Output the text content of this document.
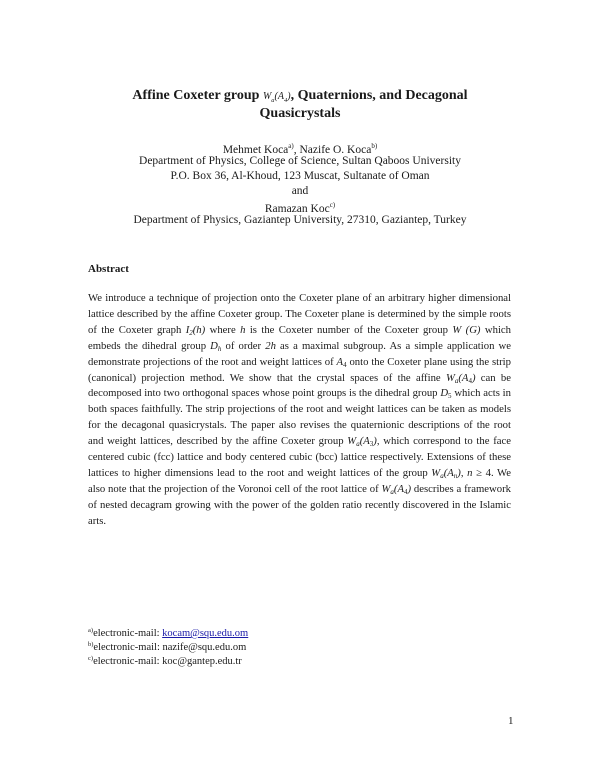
Affine Coxeter group $W_a(A_4)$, Quaternions, and Decagonal
Quasicrystals
Mehmet Koca$^{a)}$, Nazife O. Koca$^{b)}$
Department of Physics, College of Science, Sultan Qaboos University
P.O. Box 36, Al-Khoud, 123 Muscat, Sultanate of Oman
and
Ramazan Koc$^{c)}$
Department of Physics, Gaziantep University, 27310, Gaziantep, Turkey
Abstract

We introduce a technique of projection onto the Coxeter plane of an arbitrary higher dimensional lattice described by the affine Coxeter group. The Coxeter plane is determined by the simple roots of the Coxeter graph $I_2(h)$ where h is the Coxeter number of the Coxeter group W (G) which embeds the dihedral group $D_h$ of order 2h as a maximal subgroup. As a simple application we demonstrate projections of the root and weight lattices of $A_4$ onto the Coxeter plane using the strip (canonical) projection method. We show that the crystal spaces of the affine $W_a(A_4)$ can be decomposed into two orthogonal spaces whose point groups is the dihedral group $D_5$ which acts in both spaces faithfully. The strip projections of the root and weight lattices can be taken as models for the decagonal quasicrystals. The paper also revises the quaternionic descriptions of the root and weight lattices, described by the affine Coxeter group $W_a(A_3)$, which correspond to the face centered cubic (fcc) lattice and body centered cubic (bcc) lattice respectively. Extensions of these lattices to higher dimensions lead to the root and weight lattices of the group $W_a(A_n)$, n ≥ 4. We also note that the projection of the Voronoi cell of the root lattice of $W_a(A_4)$ describes a framework of nested decagram growing with the power of the golden ratio recently discovered in the Islamic arts.

$^{a)}$electronic-mail: kocam@squ.edu.om
$^{b)}$electronic-mail: nazife@squ.edu.om
$^{c)}$electronic-mail: koc@gantep.edu.tr
1
